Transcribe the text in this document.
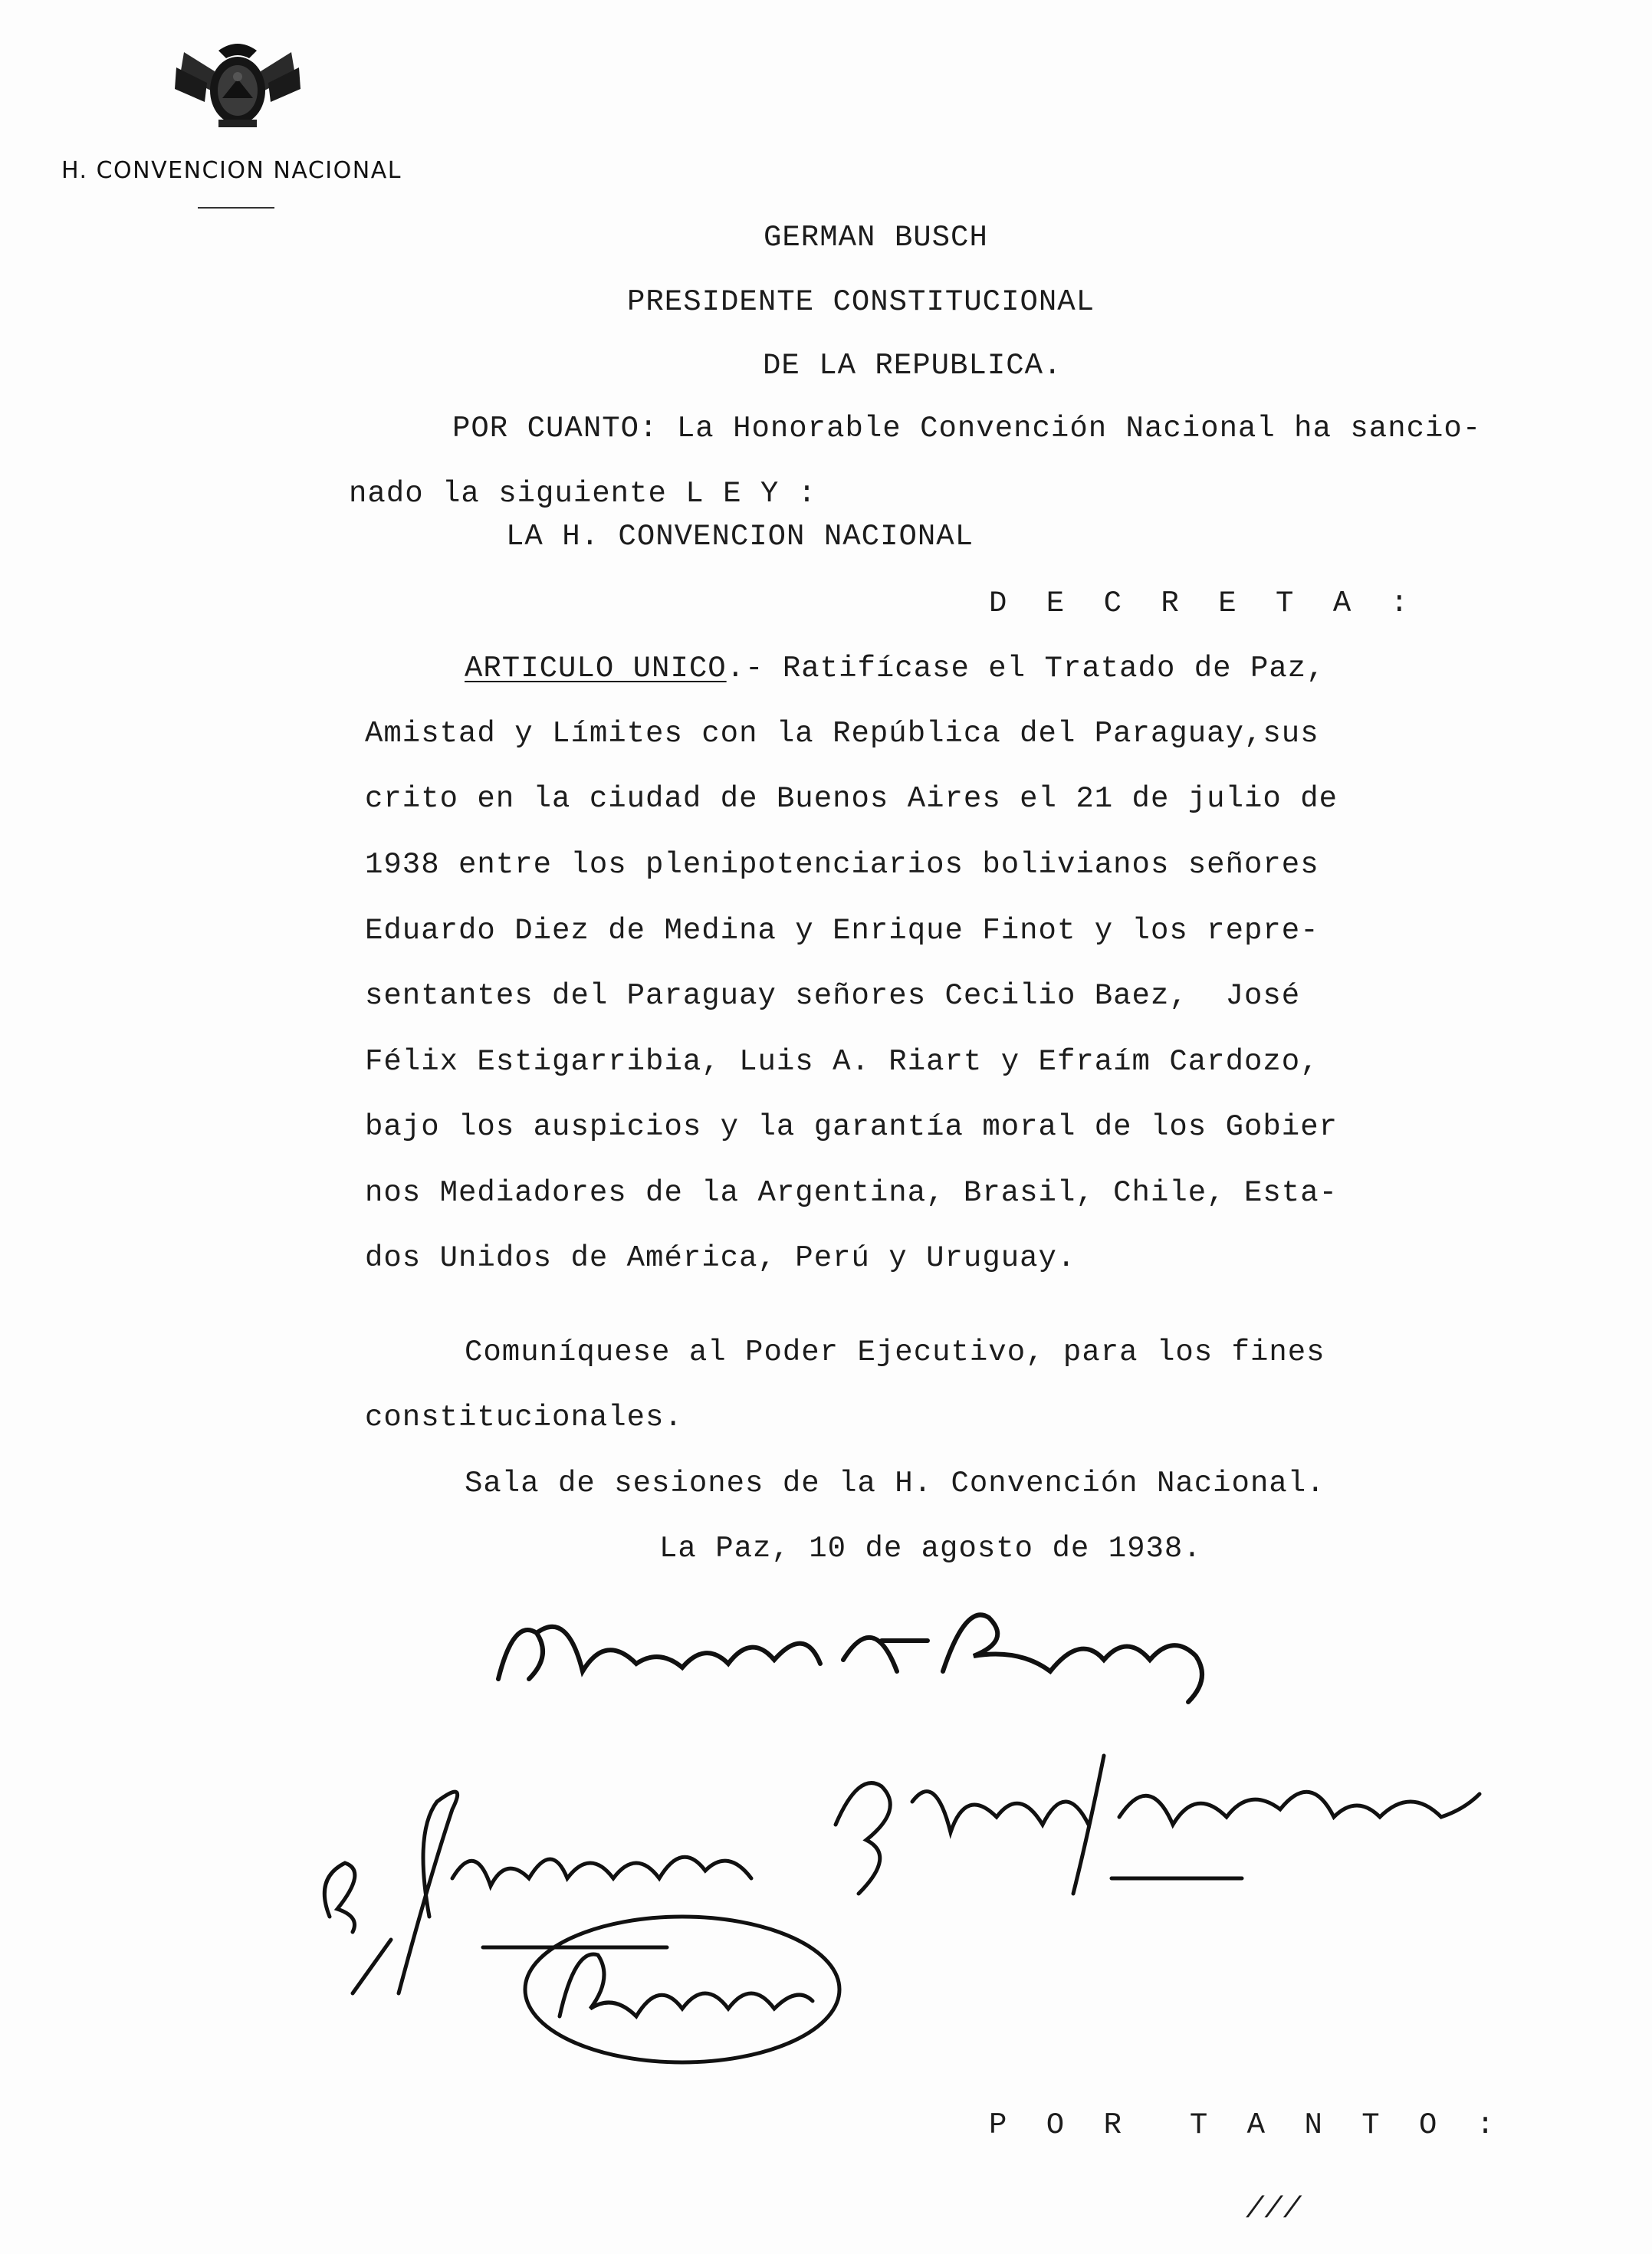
H. CONVENCION NACIONAL
GERMAN BUSCH
PRESIDENTE CONSTITUCIONAL
DE LA REPUBLICA.
POR CUANTO: La Honorable Convención Nacional ha sancio-
nado la siguiente L E Y :
LA H. CONVENCION NACIONAL
D E C R E T A :
ARTICULO UNICO.- Ratifícase el Tratado de Paz,
Amistad y Límites con la República del Paraguay,sus
crito en la ciudad de Buenos Aires el 21 de julio de
1938 entre los plenipotenciarios bolivianos señores
Eduardo Diez de Medina y Enrique Finot y los repre-
sentantes del Paraguay señores Cecilio Baez,  José
Félix Estigarribia, Luis A. Riart y Efraím Cardozo,
bajo los auspicios y la garantía moral de los Gobier
nos Mediadores de la Argentina, Brasil, Chile, Esta-
dos Unidos de América, Perú y Uruguay.
Comuníquese al Poder Ejecutivo, para los fines
constitucionales.
Sala de sesiones de la H. Convención Nacional.
La Paz, 10 de agosto de 1938.
P O R  T A N T O :
///
